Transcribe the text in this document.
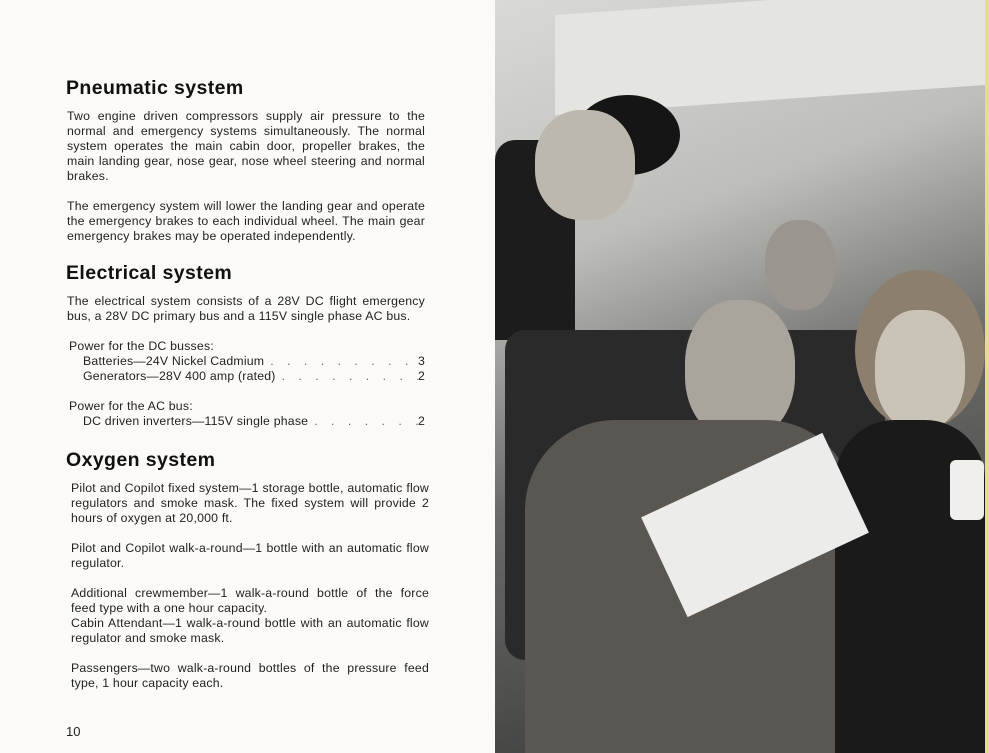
Pneumatic system

Two engine driven compressors supply air pressure to the normal and emergency systems simultaneously. The normal system operates the main cabin door, propeller brakes, the main landing gear, nose gear, nose wheel steering and normal brakes.

The emergency system will lower the landing gear and operate the emergency brakes to each individual wheel. The main gear emergency brakes may be operated independently.

Electrical system

The electrical system consists of a 28V DC flight emergency bus, a 28V DC primary bus and a 115V single phase AC bus.

Power for the DC busses:
Batteries—24V Nickel Cadmium . . .	3
Generators—28V 400 amp (rated) . . .	2
Power for the AC bus:
DC driven inverters—115V single phase . . .	2
Oxygen system

Pilot and Copilot fixed system—1 storage bottle, automatic flow regulators and smoke mask. The fixed system will provide 2 hours of oxygen at 20,000 ft.

Pilot and Copilot walk-a-round—1 bottle with an automatic flow regulator.

Additional crewmember—1 walk-a-round bottle of the force feed type with a one hour capacity.

Cabin Attendant—1 walk-a-round bottle with an automatic flow regulator and smoke mask.

Passengers—two walk-a-round bottles of the pressure feed type, 1 hour capacity each.

10
